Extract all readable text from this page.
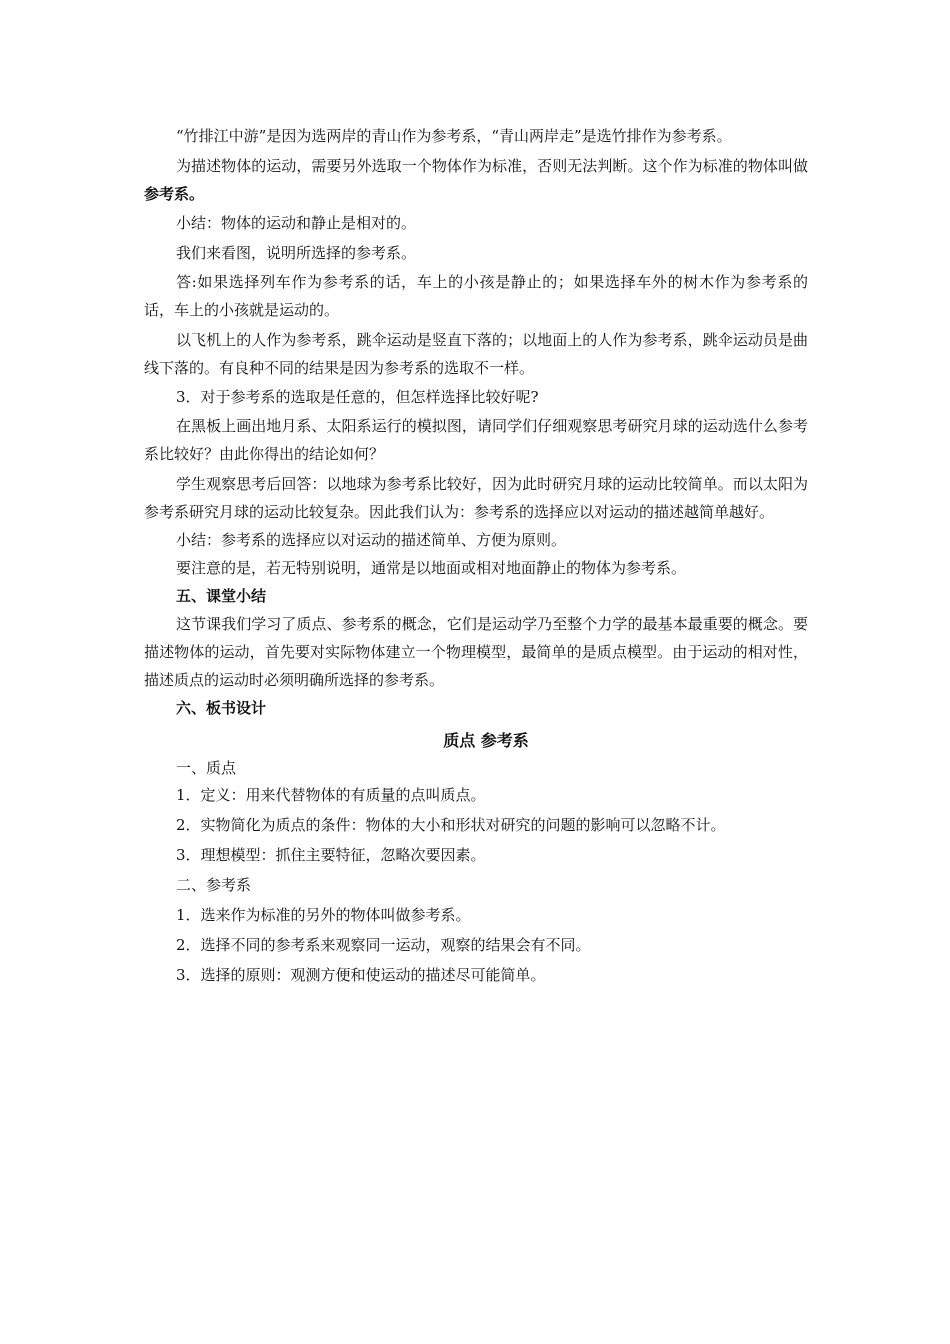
“竹排江中游”是因为选两岸的青山作为参考系，“青山两岸走”是选竹排作为参考系。

为描述物体的运动，需要另外选取一个物体作为标准，否则无法判断。这个作为标准的物体叫做参考系。

小结：物体的运动和静止是相对的。

我们来看图，说明所选择的参考系。

答:如果选择列车作为参考系的话，车上的小孩是静止的；如果选择车外的树木作为参考系的话，车上的小孩就是运动的。

以飞机上的人作为参考系，跳伞运动是竖直下落的；以地面上的人作为参考系，跳伞运动员是曲线下落的。有良种不同的结果是因为参考系的选取不一样。

3．对于参考系的选取是任意的，但怎样选择比较好呢?

在黑板上画出地月系、太阳系运行的模拟图，请同学们仔细观察思考研究月球的运动选什么参考系比较好？由此你得出的结论如何？

学生观察思考后回答：以地球为参考系比较好，因为此时研究月球的运动比较简单。而以太阳为参考系研究月球的运动比较复杂。因此我们认为：参考系的选择应以对运动的描述越简单越好。

小结：参考系的选择应以对运动的描述简单、方便为原则。

要注意的是，若无特别说明，通常是以地面或相对地面静止的物体为参考系。

五、课堂小结

这节课我们学习了质点、参考系的概念，它们是运动学乃至整个力学的最基本最重要的概念。要描述物体的运动，首先要对实际物体建立一个物理模型，最简单的是质点模型。由于运动的相对性，描述质点的运动时必须明确所选择的参考系。

六、板书设计

质点 参考系

一、质点

1．定义：用来代替物体的有质量的点叫质点。

2．实物简化为质点的条件：物体的大小和形状对研究的问题的影响可以忽略不计。

3．理想模型：抓住主要特征，忽略次要因素。

二、参考系

1．选来作为标准的另外的物体叫做参考系。

2．选择不同的参考系来观察同一运动，观察的结果会有不同。

3．选择的原则：观测方便和使运动的描述尽可能简单。
